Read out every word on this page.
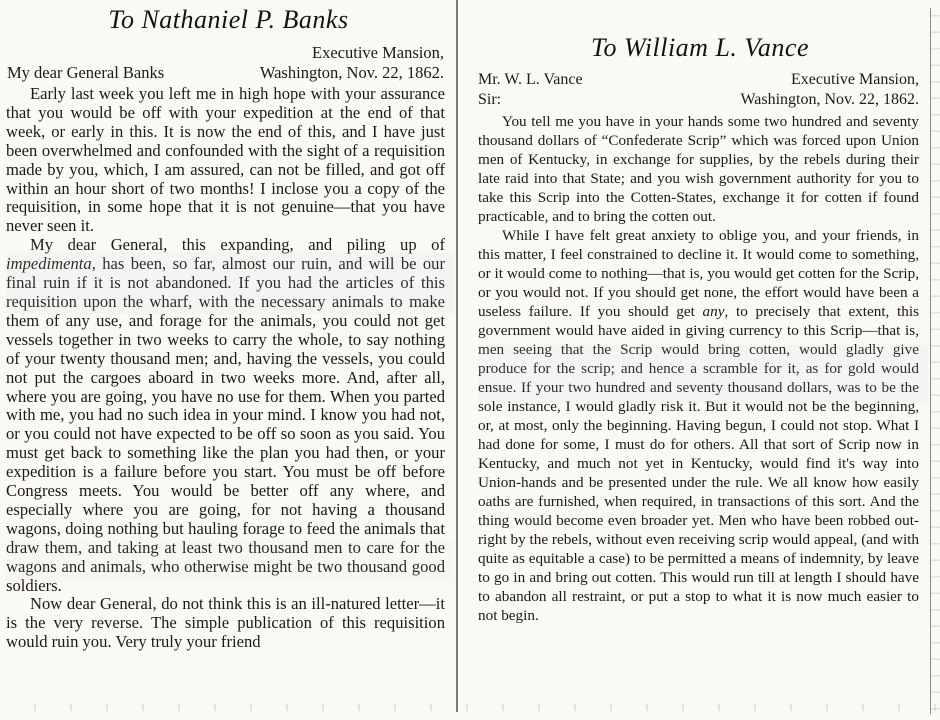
To Nathaniel P. Banks
Executive Mansion,
My dear General Banks	Washington, Nov. 22, 1862.

Early last week you left me in high hope with your assurance that you would be off with your expedition at the end of that week, or early in this. It is now the end of this, and I have just been overwhelmed and confounded with the sight of a requisition made by you, which, I am assured, can not be filled, and got off within an hour short of two months! I inclose you a copy of the requisition, in some hope that it is not genuine—that you have never seen it.

My dear General, this expanding, and piling up of impedimenta, has been, so far, almost our ruin, and will be our final ruin if it is not abandoned. If you had the articles of this requisition upon the wharf, with the necessary animals to make them of any use, and forage for the animals, you could not get vessels together in two weeks to carry the whole, to say nothing of your twenty thousand men; and, having the vessels, you could not put the cargoes aboard in two weeks more. And, after all, where you are going, you have no use for them. When you parted with me, you had no such idea in your mind. I know you had not, or you could not have expected to be off so soon as you said. You must get back to something like the plan you had then, or your expedition is a failure before you start. You must be off before Congress meets. You would be better off any where, and especially where you are going, for not having a thousand wagons, doing nothing but hauling forage to feed the animals that draw them, and taking at least two thousand men to care for the wagons and animals, who otherwise might be two thousand good soldiers.

Now dear General, do not think this is an ill-natured letter—it is the very reverse. The simple publication of this requisition would ruin you. Very truly your friend

To William L. Vance
Mr. W. L. Vance	Executive Mansion,
Sir:	Washington, Nov. 22, 1862.

You tell me you have in your hands some two hundred and seventy thousand dollars of “Confederate Scrip” which was forced upon Union men of Kentucky, in exchange for supplies, by the rebels during their late raid into that State; and you wish government authority for you to take this Scrip into the Cotten-States, exchange it for cotten if found practicable, and to bring the cotten out.

While I have felt great anxiety to oblige you, and your friends, in this matter, I feel constrained to decline it. It would come to something, or it would come to nothing—that is, you would get cotten for the Scrip, or you would not. If you should get none, the effort would have been a useless failure. If you should get any, to precisely that extent, this government would have aided in giving currency to this Scrip—that is, men seeing that the Scrip would bring cotten, would gladly give produce for the scrip; and hence a scramble for it, as for gold would ensue. If your two hundred and seventy thousand dollars, was to be the sole instance, I would gladly risk it. But it would not be the beginning, or, at most, only the beginning. Having begun, I could not stop. What I had done for some, I must do for others. All that sort of Scrip now in Kentucky, and much not yet in Kentucky, would find it's way into Union-hands and be presented under the rule. We all know how easily oaths are furnished, when required, in transactions of this sort. And the thing would become even broader yet. Men who have been robbed out-right by the rebels, without even receiving scrip would appeal, (and with quite as equitable a case) to be permitted a means of indemnity, by leave to go in and bring out cotten. This would run till at length I should have to abandon all restraint, or put a stop to what it is now much easier to not begin.
